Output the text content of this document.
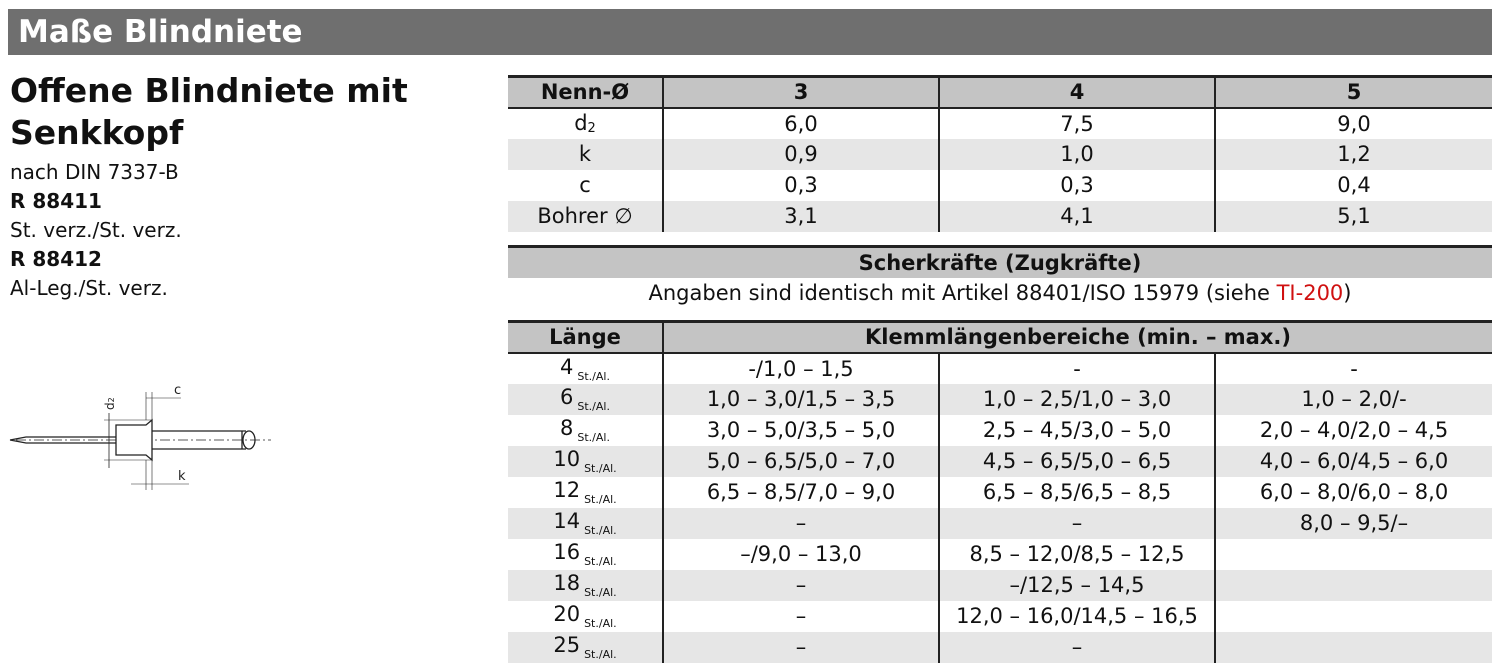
Maße Blindniete
Offene Blindniete mit
Senkkopf
nach DIN 7337-B
R 88411
St. verz./St. verz.
R 88412
Al-Leg./St. verz.
d2
c
k
Nenn-Ø	3	4	5
d2	6,0	7,5	9,0
k	0,9	1,0	1,2
c	0,3	0,3	0,4
Bohrer ∅	3,1	4,1	5,1
Scherkräfte (Zugkräfte)
Angaben sind identisch mit Artikel 88401/ISO 15979 (siehe TI-200)
Länge	Klemmlängenbereiche (min. – max.)		
4 $_{St./Al.}$	-/1,0 – 1,5	-	-
6 $_{St./Al.}$	1,0 – 3,0/1,5 – 3,5	1,0 – 2,5/1,0 – 3,0	1,0 – 2,0/-
8 $_{St./Al.}$	3,0 – 5,0/3,5 – 5,0	2,5 – 4,5/3,0 – 5,0	2,0 – 4,0/2,0 – 4,5
10 $_{St./Al.}$	5,0 – 6,5/5,0 – 7,0	4,5 – 6,5/5,0 – 6,5	4,0 – 6,0/4,5 – 6,0
12 $_{St./Al.}$	6,5 – 8,5/7,0 – 9,0	6,5 – 8,5/6,5 – 8,5	6,0 – 8,0/6,0 – 8,0
14 $_{St./Al.}$	–	–	8,0 – 9,5/–
16 $_{St./Al.}$	–/9,0 – 13,0	8,5 – 12,0/8,5 – 12,5	
18 $_{St./Al.}$	–	–/12,5 – 14,5	
20 $_{St./Al.}$	–	12,0 – 16,0/14,5 – 16,5	
25 $_{St./Al.}$	–	–	
